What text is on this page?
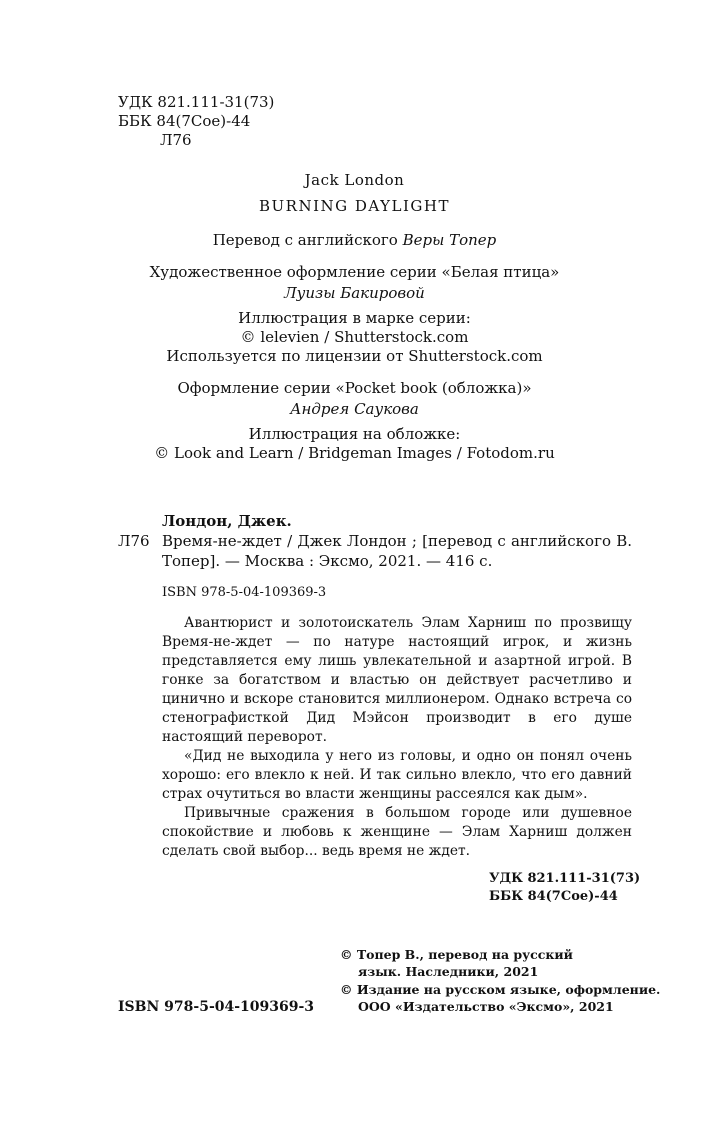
УДК 821.111-31(73)
ББК 84(7Сое)-44
Л76
Jack London
BURNING DAYLIGHT
Перевод с английского Веры Топер
Художественное оформление серии «Белая птица»
Луизы Бакировой
Иллюстрация в марке серии:
© lelevien / Shutterstock.com
Используется по лицензии от Shutterstock.com
Оформление серии «Pocket book (обложка)»
Андрея Саукова
Иллюстрация на обложке:
© Look and Learn / Bridgeman Images / Fotodom.ru
Лондон, Джек.
Л76 Время-не-ждет / Джек Лондон ; [перевод с английского В. Топер]. — Москва : Эксмо, 2021. — 416 с.
ISBN 978-5-04-109369-3

Авантюрист и золотоискатель Элам Харниш по прозвищу Время-не-ждет — по натуре настоящий игрок, и жизнь представляется ему лишь увлекательной и азартной игрой. В гонке за богатством и властью он действует расчетливо и цинично и вскоре становится миллионером. Однако встреча со стенографисткой Дид Мэйсон производит в его душе настоящий переворот.

«Дид не выходила у него из головы, и одно он понял очень хорошо: его влекло к ней. И так сильно влекло, что его давний страх очутиться во власти женщины рассеялся как дым».

Привычные сражения в большом городе или душевное спокойствие и любовь к женщине — Элам Харниш должен сделать свой выбор... ведь время не ждет.

УДК 821.111-31(73)
ББК 84(7Сое)-44
© Топер В., перевод на русский
язык. Наследники, 2021
© Издание на русском языке, оформление.
ООО «Издательство «Эксмо», 2021
ISBN 978-5-04-109369-3
